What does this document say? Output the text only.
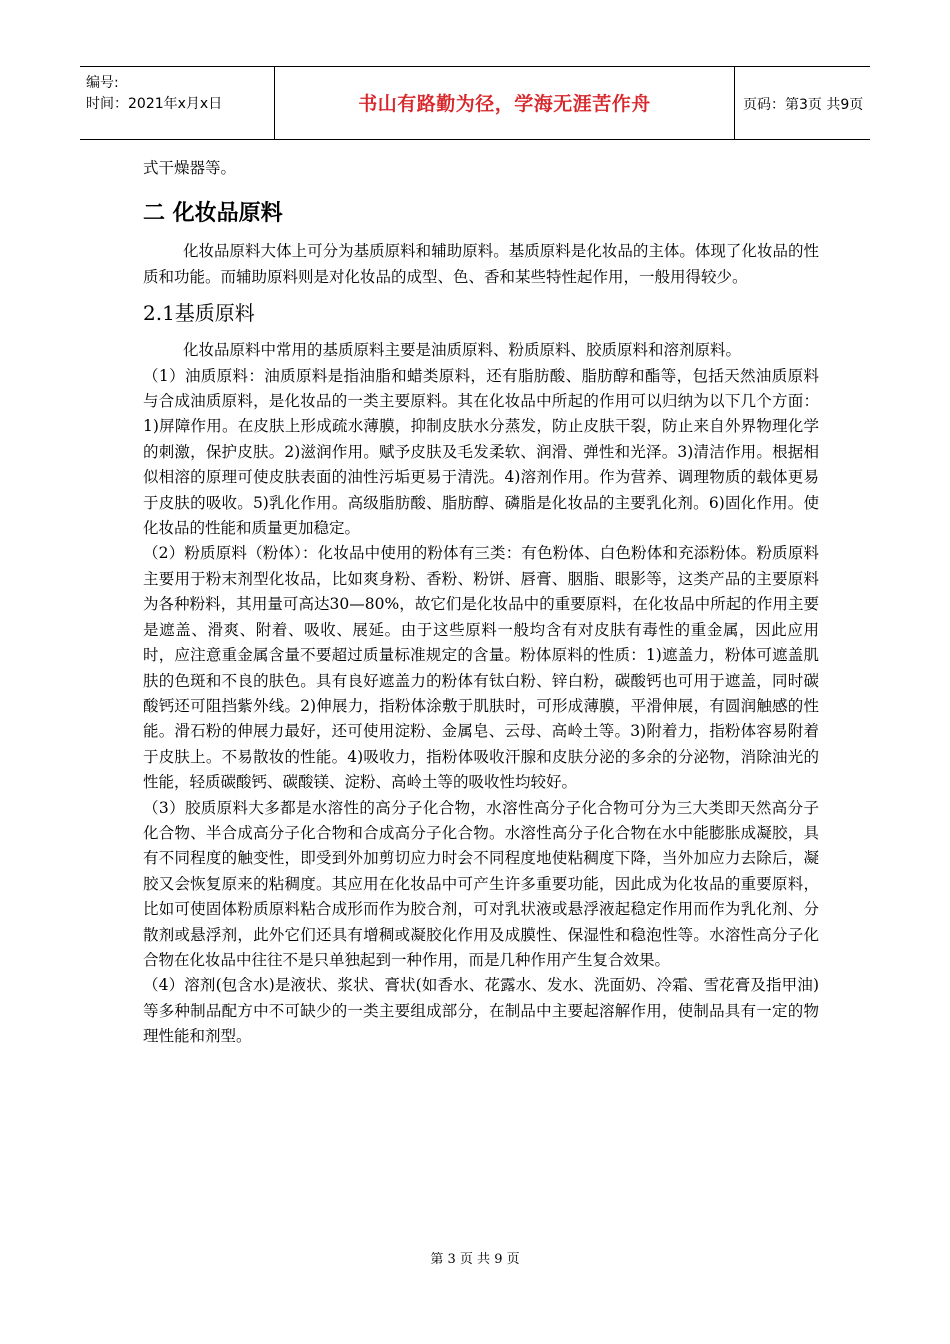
编号:
时间：2021年x月x日	书山有路勤为径，学海无涯苦作舟	页码：第3页 共9页

式干燥器等。

二 化妆品原料

化妆品原料大体上可分为基质原料和辅助原料。基质原料是化妆品的主体。体现了化妆品的性质和功能。而辅助原料则是对化妆品的成型、色、香和某些特性起作用，一般用得较少。

2.1基质原料

化妆品原料中常用的基质原料主要是油质原料、粉质原料、胶质原料和溶剂原料。

（1）油质原料：油质原料是指油脂和蜡类原料，还有脂肪酸、脂肪醇和酯等，包括天然油质原料与合成油质原料，是化妆品的一类主要原料。其在化妆品中所起的作用可以归纳为以下几个方面：1)屏障作用。在皮肤上形成疏水薄膜，抑制皮肤水分蒸发，防止皮肤干裂，防止来自外界物理化学的刺激，保护皮肤。2)滋润作用。赋予皮肤及毛发柔软、润滑、弹性和光泽。3)清洁作用。根据相似相溶的原理可使皮肤表面的油性污垢更易于清洗。4)溶剂作用。作为营养、调理物质的载体更易于皮肤的吸收。5)乳化作用。高级脂肪酸、脂肪醇、磷脂是化妆品的主要乳化剂。6)固化作用。使化妆品的性能和质量更加稳定。

（2）粉质原料（粉体）：化妆品中使用的粉体有三类：有色粉体、白色粉体和充添粉体。粉质原料主要用于粉末剂型化妆品，比如爽身粉、香粉、粉饼、唇膏、胭脂、眼影等，这类产品的主要原料为各种粉料，其用量可高达30—80%，故它们是化妆品中的重要原料，在化妆品中所起的作用主要是遮盖、滑爽、附着、吸收、展延。由于这些原料一般均含有对皮肤有毒性的重金属，因此应用时，应注意重金属含量不要超过质量标准规定的含量。粉体原料的性质：1)遮盖力，粉体可遮盖肌肤的色斑和不良的肤色。具有良好遮盖力的粉体有钛白粉、锌白粉，碳酸钙也可用于遮盖，同时碳酸钙还可阻挡紫外线。2)伸展力，指粉体涂敷于肌肤时，可形成薄膜，平滑伸展，有圆润触感的性能。滑石粉的伸展力最好，还可使用淀粉、金属皂、云母、高岭土等。3)附着力，指粉体容易附着于皮肤上。不易散妆的性能。4)吸收力，指粉体吸收汗腺和皮肤分泌的多余的分泌物，消除油光的性能，轻质碳酸钙、碳酸镁、淀粉、高岭土等的吸收性均较好。

（3）胶质原料大多都是水溶性的高分子化合物，水溶性高分子化合物可分为三大类即天然高分子化合物、半合成高分子化合物和合成高分子化合物。水溶性高分子化合物在水中能膨胀成凝胶，具有不同程度的触变性，即受到外加剪切应力时会不同程度地使粘稠度下降，当外加应力去除后，凝胶又会恢复原来的粘稠度。其应用在化妆品中可产生许多重要功能，因此成为化妆品的重要原料，比如可使固体粉质原料粘合成形而作为胶合剂，可对乳状液或悬浮液起稳定作用而作为乳化剂、分散剂或悬浮剂，此外它们还具有增稠或凝胶化作用及成膜性、保湿性和稳泡性等。水溶性高分子化合物在化妆品中往往不是只单独起到一种作用，而是几种作用产生复合效果。

（4）溶剂(包含水)是液状、浆状、膏状(如香水、花露水、发水、洗面奶、冷霜、雪花膏及指甲油)等多种制品配方中不可缺少的一类主要组成部分，在制品中主要起溶解作用，使制品具有一定的物理性能和剂型。

第 3 页 共 9 页
